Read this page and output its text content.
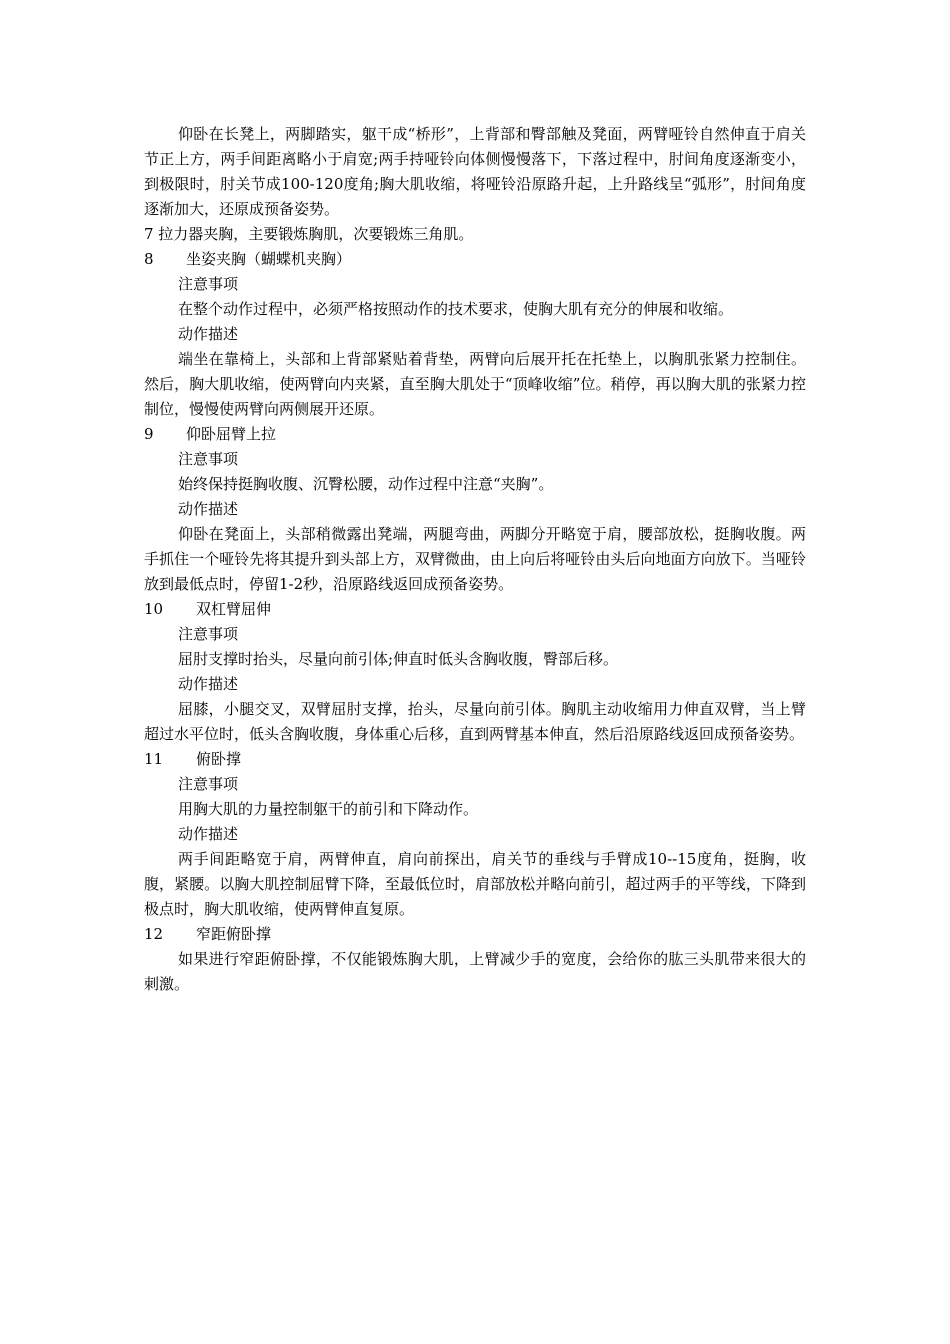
仰卧在长凳上，两脚踏实，躯干成“桥形”，上背部和臀部触及凳面，两臂哑铃自然伸直于肩关节正上方，两手间距离略小于肩宽;两手持哑铃向体侧慢慢落下，下落过程中，肘间角度逐渐变小，到极限时，肘关节成100-120度角;胸大肌收缩，将哑铃沿原路升起，上升路线呈“弧形”，肘间角度逐渐加大，还原成预备姿势。

7 拉力器夹胸，主要锻炼胸肌，次要锻炼三角肌。

8 坐姿夹胸（蝴蝶机夹胸）

注意事项

在整个动作过程中，必须严格按照动作的技术要求，使胸大肌有充分的伸展和收缩。

动作描述

端坐在靠椅上，头部和上背部紧贴着背垫，两臂向后展开托在托垫上，以胸肌张紧力控制住。然后，胸大肌收缩，使两臂向内夹紧，直至胸大肌处于“顶峰收缩”位。稍停，再以胸大肌的张紧力控制位，慢慢使两臂向两侧展开还原。

9 仰卧屈臂上拉

注意事项

始终保持挺胸收腹、沉臀松腰，动作过程中注意“夹胸”。

动作描述

仰卧在凳面上，头部稍微露出凳端，两腿弯曲，两脚分开略宽于肩，腰部放松，挺胸收腹。两手抓住一个哑铃先将其提升到头部上方，双臂微曲，由上向后将哑铃由头后向地面方向放下。当哑铃放到最低点时，停留1-2秒，沿原路线返回成预备姿势。

10 双杠臂屈伸

注意事项

屈肘支撑时抬头，尽量向前引体;伸直时低头含胸收腹，臀部后移。

动作描述

屈膝，小腿交叉，双臂屈肘支撑，抬头，尽量向前引体。胸肌主动收缩用力伸直双臂，当上臂超过水平位时，低头含胸收腹，身体重心后移，直到两臂基本伸直，然后沿原路线返回成预备姿势。

11 俯卧撑

注意事项

用胸大肌的力量控制躯干的前引和下降动作。

动作描述

两手间距略宽于肩，两臂伸直，肩向前探出，肩关节的垂线与手臂成10--15度角，挺胸，收腹，紧腰。以胸大肌控制屈臂下降，至最低位时，肩部放松并略向前引，超过两手的平等线，下降到极点时，胸大肌收缩，使两臂伸直复原。

12 窄距俯卧撑

如果进行窄距俯卧撑，不仅能锻炼胸大肌，上臂减少手的宽度，会给你的肱三头肌带来很大的刺激。
